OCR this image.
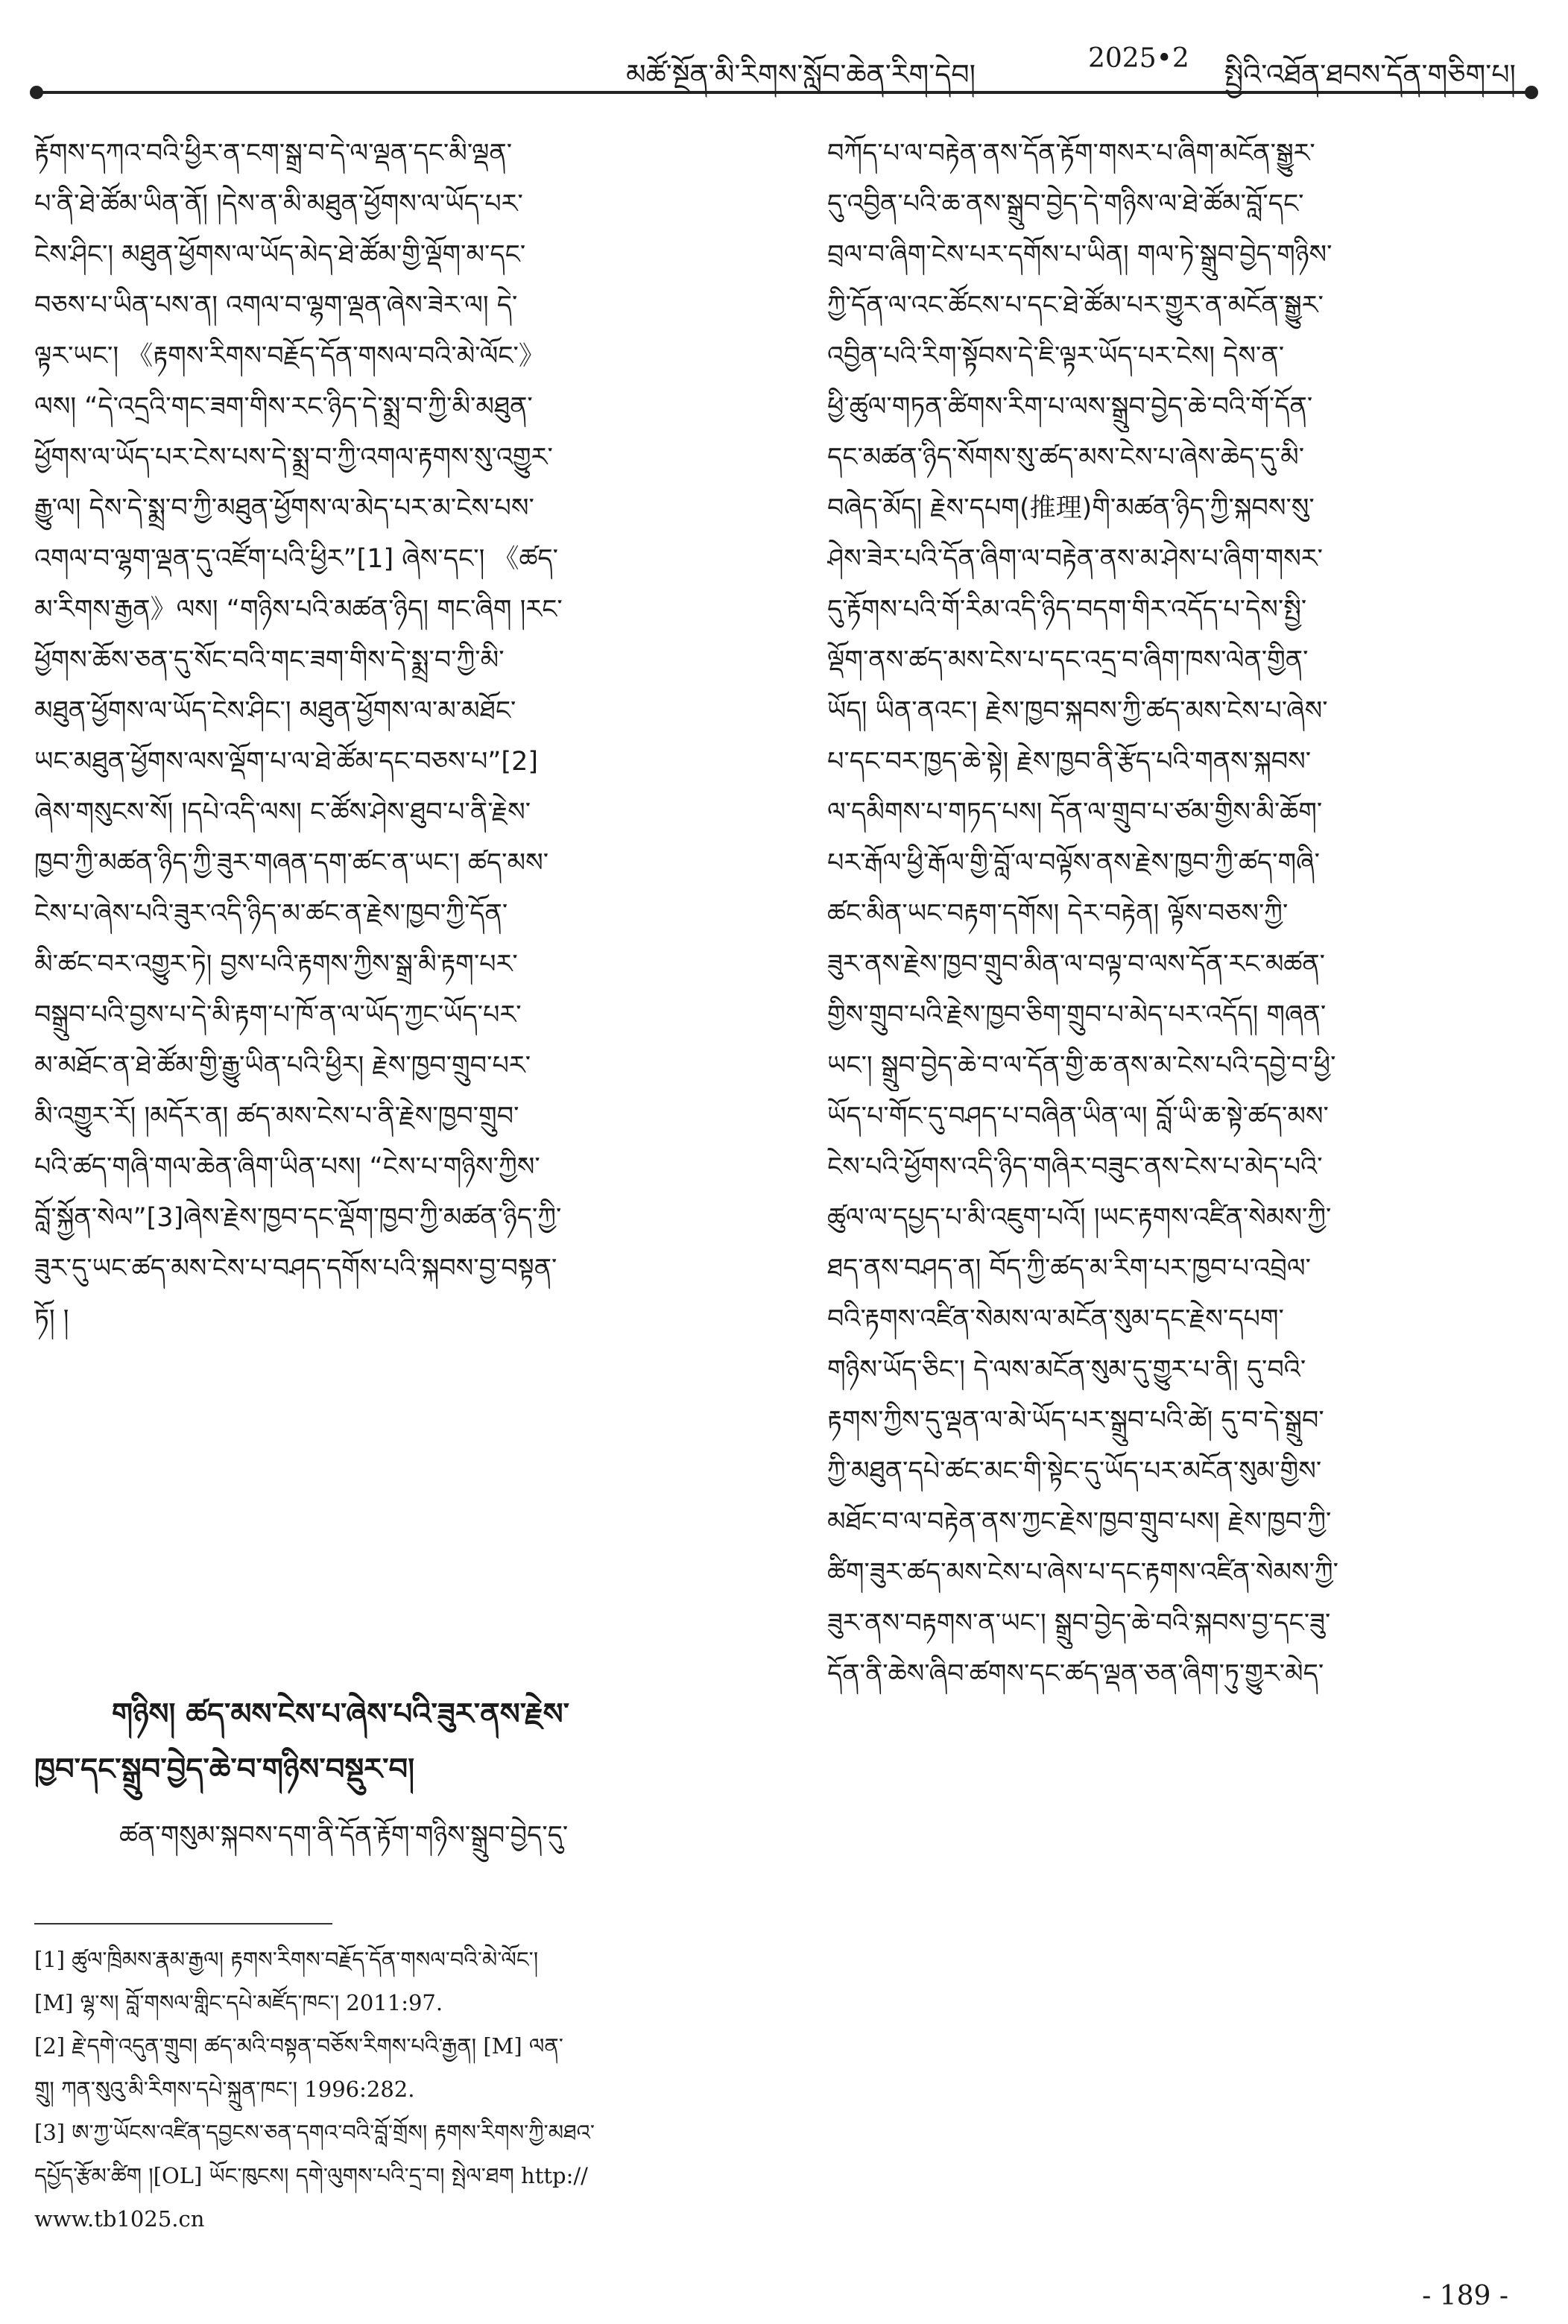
མཚོ་སྔོན་མི་རིགས་སློབ་ཆེན་རིག་དེབ།	2025•2 སྤྱིའི་འཐོན་ཐབས་དོན་གཅིག་པ།
རྟོགས་དཀའ་བའི་ཕྱིར་ན་ངག་སྒྲ་བ་དེ་ལ་ལྡན་དང་མི་ལྡན་
པ་ནི་ཐེ་ཚོམ་ཡིན་ནོ། །དེས་ན་མི་མཐུན་ཕྱོགས་ལ་ཡོད་པར་
ངེས་ཤིང་། མཐུན་ཕྱོགས་ལ་ཡོད་མེད་ཐེ་ཚོམ་གྱི་ལྡོག་མ་དང་
བཅས་པ་ཡིན་པས་ན། འགལ་བ་ལྷག་ལྡན་ཞེས་ཟེར་ལ། དེ་
ལྟར་ཡང་། 《རྟགས་རིགས་བརྗོད་དོན་གསལ་བའི་མེ་ལོང་》
ལས། “དེ་འདྲའི་གང་ཟག་གིས་རང་ཉིད་དེ་སྨྲ་བ་ཀྱི་མི་མཐུན་
ཕྱོགས་ལ་ཡོད་པར་ངེས་པས་དེ་སྨྲ་བ་ཀྱི་འགལ་རྟགས་སུ་འགྱུར་
རྒྱུ་ལ། དེས་དེ་སྨྲ་བ་ཀྱི་མཐུན་ཕྱོགས་ལ་མེད་པར་མ་ངེས་པས་
འགལ་བ་ལྷག་ལྡན་དུ་འཛོག་པའི་ཕྱིར”[1] ཞེས་དང་། 《ཚད་
མ་རིགས་རྒྱན》ལས། “གཉིས་པའི་མཚན་ཉིད། གང་ཞིག །རང་
ཕྱོགས་ཆོས་ཅན་དུ་སོང་བའི་གང་ཟག་གིས་དེ་སྨྲ་བ་ཀྱི་མི་
མཐུན་ཕྱོགས་ལ་ཡོད་ངེས་ཤིང་། མཐུན་ཕྱོགས་ལ་མ་མཐོང་
ཡང་མཐུན་ཕྱོགས་ལས་ལྡོག་པ་ལ་ཐེ་ཚོམ་དང་བཅས་པ”[2]
ཞེས་གསུངས་སོ། །དཔེ་འདི་ལས། ང་ཚོས་ཤེས་ཐུབ་པ་ནི་རྗེས་
ཁྱབ་ཀྱི་མཚན་ཉིད་ཀྱི་ཟུར་གཞན་དག་ཚང་ན་ཡང་། ཚད་མས་
ངེས་པ་ཞེས་པའི་ཟུར་འདི་ཉིད་མ་ཚང་ན་རྗེས་ཁྱབ་ཀྱི་དོན་
མི་ཚང་བར་འགྱུར་ཏེ། བྱས་པའི་རྟགས་ཀྱིས་སྒྲ་མི་རྟག་པར་
བསྒྲུབ་པའི་བྱས་པ་དེ་མི་རྟག་པ་ཁོ་ན་ལ་ཡོད་ཀྱང་ཡོད་པར་
མ་མཐོང་ན་ཐེ་ཚོམ་གྱི་རྒྱུ་ཡིན་པའི་ཕྱིར། རྗེས་ཁྱབ་གྲུབ་པར་
མི་འགྱུར་རོ། །མདོར་ན། ཚད་མས་ངེས་པ་ནི་རྗེས་ཁྱབ་གྲུབ་
པའི་ཚད་གཞི་གལ་ཆེན་ཞིག་ཡིན་པས། “ངེས་པ་གཉིས་ཀྱིས་
བློ་སྐྱོན་སེལ”[3]ཞེས་རྗེས་ཁྱབ་དང་ལྡོག་ཁྱབ་ཀྱི་མཚན་ཉིད་ཀྱི་
ཟུར་དུ་ཡང་ཚད་མས་ངེས་པ་བཤད་དགོས་པའི་སྐབས་བྱ་བསྟན་
ཏོ། །
གཉིས། ཚད་མས་ངེས་པ་ཞེས་པའི་ཟུར་ནས་རྗེས་
ཁྱབ་དང་སྒྲུབ་བྱེད་ཆེ་བ་གཉིས་བསྡུར་བ།
ཚན་གསུམ་སྐབས་དག་ནི་དོན་རྟོག་གཉིས་སྒྲུབ་བྱེད་དུ་
[1] ཚུལ་ཁྲིམས་རྣམ་རྒྱལ། རྟགས་རིགས་བརྗོད་དོན་གསལ་བའི་མེ་ལོང་།
[M] ལྷ་ས། བློ་གསལ་གླིང་དཔེ་མཛོད་ཁང་། 2011:97.
[2] རྗེ་དགེ་འདུན་གྲུབ། ཚད་མའི་བསྟན་བཅོས་རིགས་པའི་རྒྱན། [M] ལན་
གྲུ། ཀན་སུའུ་མི་རིགས་དཔེ་སྐྲུན་ཁང་། 1996:282.
[3] ཨ་ཀྱ་ཡོངས་འཛིན་དབྱངས་ཅན་དགའ་བའི་བློ་གྲོས། རྟགས་རིགས་ཀྱི་མཐའ་
དཔྱོད་རྩོམ་ཚིག །[OL] ཡོང་ཁུངས། དགེ་ལུགས་པའི་དྲ་བ། སྤེལ་ཐག http://
www.tb1025.cn
བཀོད་པ་ལ་བརྟེན་ནས་དོན་རྟོག་གསར་པ་ཞིག་མངོན་སྒྱུར་
དུ་འབྱིན་པའི་ཆ་ནས་སྒྲུབ་བྱེད་དེ་གཉིས་ལ་ཐེ་ཚོམ་བློ་དང་
བྲལ་བ་ཞིག་ངེས་པར་དགོས་པ་ཡིན། གལ་ཏེ་སྒྲུབ་བྱེད་གཉིས་
ཀྱི་དོན་ལ་འང་ཚོངས་པ་དང་ཐེ་ཚོམ་པར་གྱུར་ན་མངོན་སྒྱུར་
འབྱིན་པའི་རིག་སྟོབས་དེ་ཇི་ལྟར་ཡོད་པར་ངེས། དེས་ན་
ཕྱི་ཚུལ་གཏན་ཚིགས་རིག་པ་ལས་སྒྲུབ་བྱེད་ཆེ་བའི་གོ་དོན་
དང་མཚན་ཉིད་སོགས་སུ་ཚད་མས་ངེས་པ་ཞེས་ཆེད་དུ་མི་
བཞེད་མོད། རྗེས་དཔག(推理)གི་མཚན་ཉིད་ཀྱི་སྐབས་སུ་
ཤེས་ཟེར་པའི་དོན་ཞིག་ལ་བརྟེན་ནས་མ་ཤེས་པ་ཞིག་གསར་
དུ་རྟོགས་པའི་གོ་རིམ་འདི་ཉིད་བདག་གིར་འདོད་པ་དེས་སྤྱི་
ལྡོག་ནས་ཚད་མས་ངེས་པ་དང་འདྲ་བ་ཞིག་ཁས་ལེན་གྱིན་
ཡོད། ཡིན་ནའང་། རྗེས་ཁྱབ་སྐབས་ཀྱི་ཚད་མས་ངེས་པ་ཞེས་
པ་དང་བར་ཁྱད་ཆེ་སྟེ། རྗེས་ཁྱབ་ནི་རྩོད་པའི་གནས་སྐབས་
ལ་དམིགས་པ་གཏད་པས། དོན་ལ་གྲུབ་པ་ཙམ་གྱིས་མི་ཆོག་
པར་རྒོལ་ཕྱི་རྒོལ་གྱི་བློ་ལ་བལྟོས་ནས་རྗེས་ཁྱབ་ཀྱི་ཚད་གཞི་
ཚང་མིན་ཡང་བརྟག་དགོས། དེར་བརྟེན། ལྟོས་བཅས་ཀྱི་
ཟུར་ནས་རྗེས་ཁྱབ་གྲུབ་མིན་ལ་བལྟ་བ་ལས་དོན་རང་མཚན་
གྱིས་གྲུབ་པའི་རྗེས་ཁྱབ་ཅིག་གྲུབ་པ་མེད་པར་འདོད། གཞན་
ཡང་། སྒྲུབ་བྱེད་ཆེ་བ་ལ་དོན་གྱི་ཆ་ནས་མ་ངེས་པའི་དབྱེ་བ་ཕྱི་
ཡོད་པ་གོང་དུ་བཤད་པ་བཞིན་ཡིན་ལ། བློ་ཡི་ཆ་སྟེ་ཚད་མས་
ངེས་པའི་ཕྱོགས་འདི་ཉིད་གཞིར་བཟུང་ནས་ངེས་པ་མེད་པའི་
ཚུལ་ལ་དཔྱད་པ་མི་འཇུག་པའོ། །ཡང་རྟགས་འཛིན་སེམས་ཀྱི་
ཐད་ནས་བཤད་ན། བོད་ཀྱི་ཚད་མ་རིག་པར་ཁྱབ་པ་འབྲེལ་
བའི་རྟགས་འཛིན་སེམས་ལ་མངོན་སུམ་དང་རྗེས་དཔག་
གཉིས་ཡོད་ཅིང་། དེ་ལས་མངོན་སུམ་དུ་གྱུར་པ་ནི། དུ་བའི་
རྟགས་ཀྱིས་དུ་ལྡན་ལ་མེ་ཡོད་པར་སྒྲུབ་པའི་ཚེ། དུ་བ་དེ་སྒྲུབ་
ཀྱི་མཐུན་དཔེ་ཚང་མང་གི་སྟེང་དུ་ཡོད་པར་མངོན་སུམ་གྱིས་
མཐོང་བ་ལ་བརྟེན་ནས་ཀྱང་རྗེས་ཁྱབ་གྲུབ་པས། རྗེས་ཁྱབ་ཀྱི་
ཚིག་ཟུར་ཚད་མས་ངེས་པ་ཞེས་པ་དང་རྟགས་འཛིན་སེམས་ཀྱི་
ཟུར་ནས་བརྟགས་ན་ཡང་། སྒྲུབ་བྱེད་ཆེ་བའི་སྐབས་བྱ་དང་ཟུ་
དོན་ནི་ཆེས་ཞིབ་ཚགས་དང་ཚད་ལྡན་ཅན་ཞིག་ཏུ་གྱུར་མེད་
- 189 -
